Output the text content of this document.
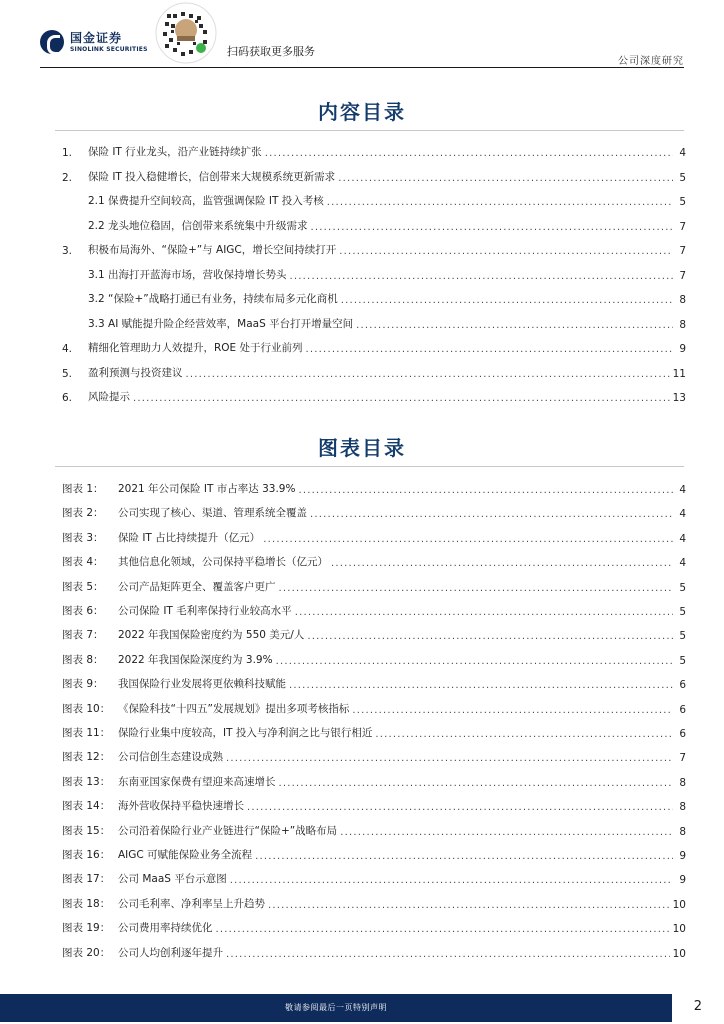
国金证券
SINOLINK SECURITIES	扫码获取更多服务
公司深度研究
内容目录
1.	保险 IT 行业龙头，沿产业链持续扩张 .....	4
2.	保险 IT 投入稳健增长，信创带来大规模系统更新需求 .....	5
2.1 保费提升空间较高，监管强调保险 IT 投入考核 .....	5
2.2 龙头地位稳固，信创带来系统集中升级需求 .....	7
3.	积极布局海外、“保险+”与 AIGC，增长空间持续打开 .....	7
3.1 出海打开蓝海市场，营收保持增长势头 .....	7
3.2 “保险+”战略打通已有业务，持续布局多元化商机 .....	8
3.3 AI 赋能提升险企经营效率，MaaS 平台打开增量空间 .....	8
4.	精细化管理助力人效提升，ROE 处于行业前列 .....	9
5.	盈利预测与投资建议 .....	11
6.	风险提示 .....	13
图表目录
图表 1：	2021 年公司保险 IT 市占率达 33.9% .....	4
图表 2：	公司实现了核心、渠道、管理系统全覆盖 .....	4
图表 3：	保险 IT 占比持续提升（亿元） .....	4
图表 4：	其他信息化领域，公司保持平稳增长（亿元） .....	4
图表 5：	公司产品矩阵更全、覆盖客户更广 .....	5
图表 6：	公司保险 IT 毛利率保持行业较高水平 .....	5
图表 7：	2022 年我国保险密度约为 550 美元/人 .....	5
图表 8：	2022 年我国保险深度约为 3.9% .....	5
图表 9：	我国保险行业发展将更依赖科技赋能 .....	6
图表 10： 《保险科技“十四五”发展规划》提出多项考核指标 .....	6
图表 11： 保险行业集中度较高，IT 投入与净利润之比与银行相近 .....	6
图表 12： 公司信创生态建设成熟 .....	7
图表 13： 东南亚国家保费有望迎来高速增长 .....	8
图表 14： 海外营收保持平稳快速增长 .....	8
图表 15： 公司沿着保险行业产业链进行“保险+”战略布局 .....	8
图表 16： AIGC 可赋能保险业务全流程 .....	9
图表 17： 公司 MaaS 平台示意图 .....	9
图表 18： 公司毛利率、净利率呈上升趋势 .....	10
图表 19： 公司费用率持续优化 .....	10
图表 20： 公司人均创利逐年提升 .....	10
敬请参阅最后一页特别声明	2
